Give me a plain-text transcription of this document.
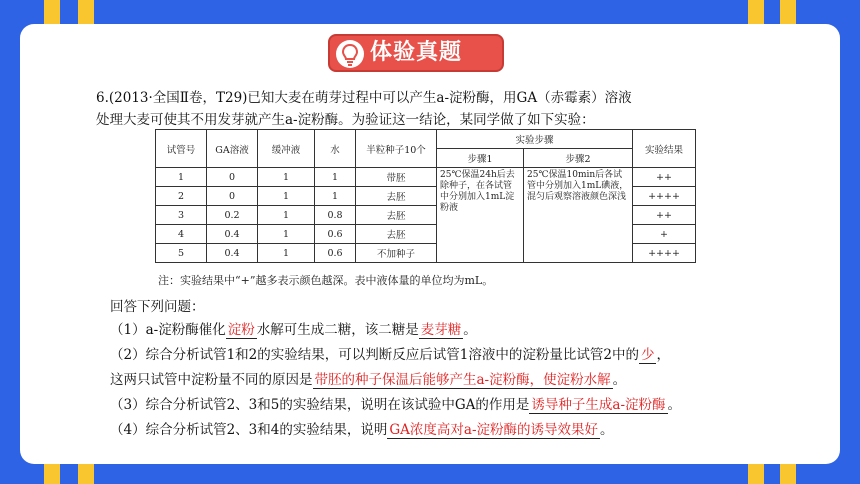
体验真题
6.(2013·全国Ⅱ卷，T29)已知大麦在萌芽过程中可以产生a-淀粉酶，用GA（赤霉素）溶液
处理大麦可使其不用发芽就产生a-淀粉酶。为验证这一结论，某同学做了如下实验：
试管号	GA溶液	缓冲液	水	半粒种子10个	实验步骤		实验结果
					步骤1	步骤2	
1	0	1	1	带胚	25℃保温24h后去除种子，在各试管中分别加入1mL淀粉液	25℃保温10min后各试管中分别加入1mL碘液，混匀后观察溶液颜色深浅	++
2	0	1	1	去胚			++++
3	0.2	1	0.8	去胚			++
4	0.4	1	0.6	去胚			+
5	0.4	1	0.6	不加种子			++++
注：实验结果中“+”越多表示颜色越深。表中液体量的单位均为mL。
回答下列问题：
（1）a-淀粉酶催化 淀粉 水解可生成二糖，该二糖是 麦芽糖 。
（2）综合分析试管1和2的实验结果，可以判断反应后试管1溶液中的淀粉量比试管2中的 少 ，
这两只试管中淀粉量不同的原因是 带胚的种子保温后能够产生a-淀粉酶，使淀粉水解 。
（3）综合分析试管2、3和5的实验结果，说明在该试验中GA的作用是 诱导种子生成a-淀粉酶 。
（4）综合分析试管2、3和4的实验结果，说明 GA浓度高对a-淀粉酶的诱导效果好 。
